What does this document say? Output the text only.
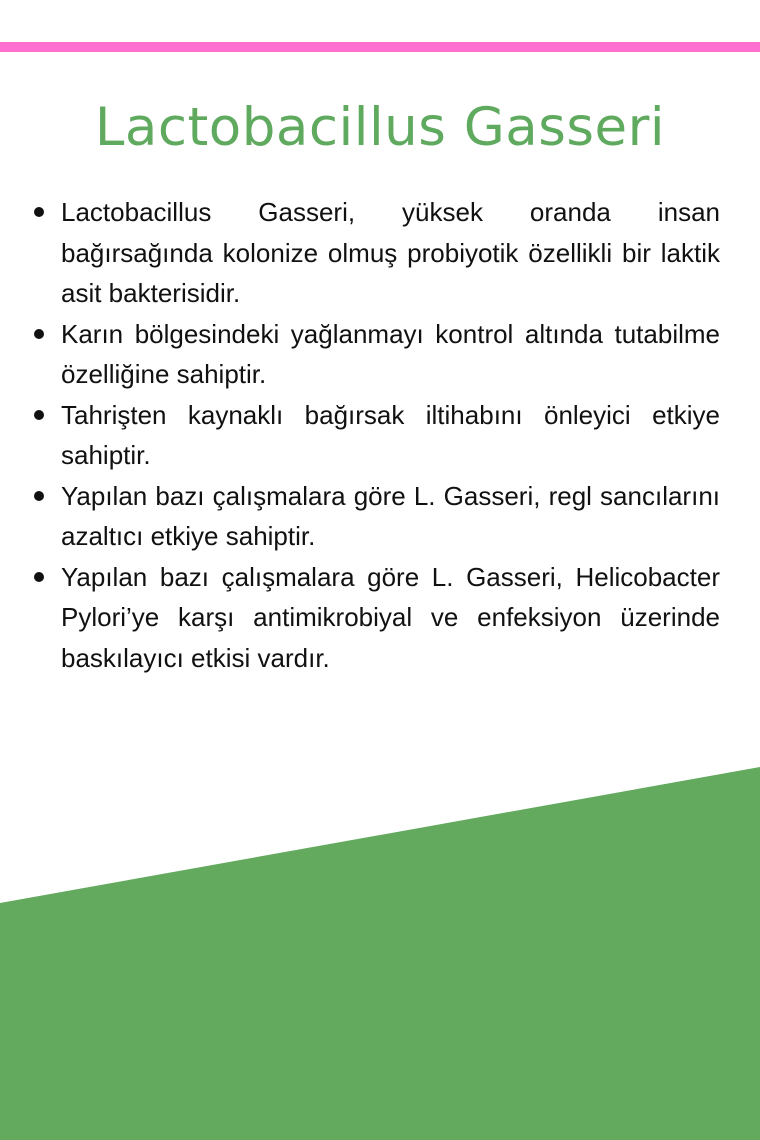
Lactobacillus Gasseri
Lactobacillus Gasseri, yüksek oranda insan bağırsağında kolonize olmuş probiyotik özellikli bir laktik asit bakterisidir.
Karın bölgesindeki yağlanmayı kontrol altında tutabilme özelliğine sahiptir.
Tahrişten kaynaklı bağırsak iltihabını önleyici etkiye sahiptir.
Yapılan bazı çalışmalara göre L. Gasseri, regl sancılarını azaltıcı etkiye sahiptir.
Yapılan bazı çalışmalara göre L. Gasseri, Helicobacter Pylori’ye karşı antimikrobiyal ve enfeksiyon üzerinde baskılayıcı etkisi vardır.
